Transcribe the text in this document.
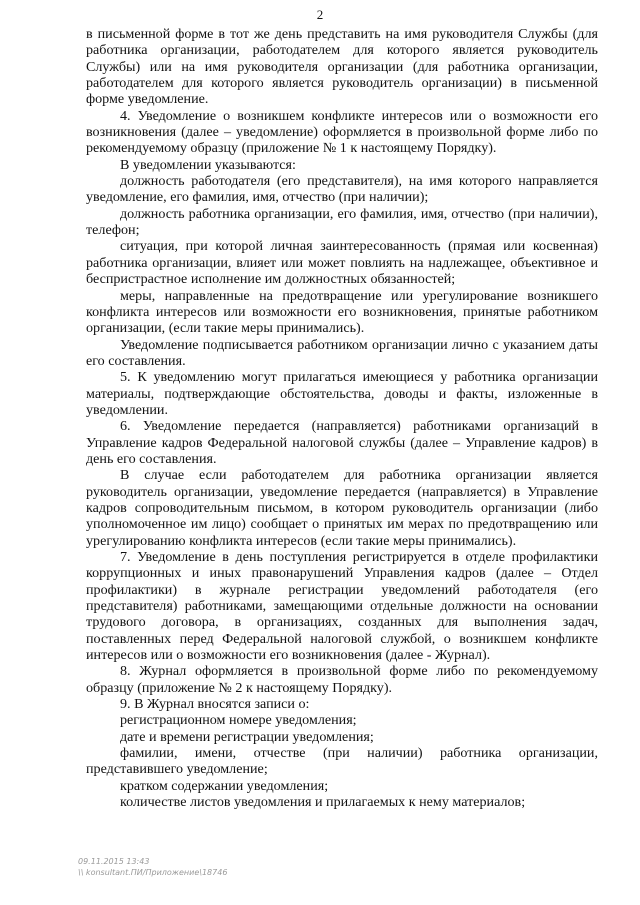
2

в письменной форме в тот же день представить на имя руководителя Службы (для работника организации, работодателем для которого является руководитель Службы) или на имя руководителя организации (для работника организации, работодателем для которого является руководитель организации) в письменной форме уведомление.

4. Уведомление о возникшем конфликте интересов или о возможности его возникновения (далее – уведомление) оформляется в произвольной форме либо по рекомендуемому образцу (приложение № 1 к настоящему Порядку).

В уведомлении указываются:

должность работодателя (его представителя), на имя которого направляется уведомление, его фамилия, имя, отчество (при наличии);

должность работника организации, его фамилия, имя, отчество (при наличии), телефон;

ситуация, при которой личная заинтересованность (прямая или косвенная) работника организации, влияет или может повлиять на надлежащее, объективное и беспристрастное исполнение им должностных обязанностей;

меры, направленные на предотвращение или урегулирование возникшего конфликта интересов или возможности его возникновения, принятые работником организации, (если такие меры принимались).

Уведомление подписывается работником организации лично с указанием даты его составления.

5. К уведомлению могут прилагаться имеющиеся у работника организации материалы, подтверждающие обстоятельства, доводы и факты, изложенные в уведомлении.

6. Уведомление передается (направляется) работниками организаций в Управление кадров Федеральной налоговой службы (далее – Управление кадров) в день его составления.

В случае если работодателем для работника организации является руководитель организации, уведомление передается (направляется) в Управление кадров сопроводительным письмом, в котором руководитель организации (либо уполномоченное им лицо) сообщает о принятых им мерах по предотвращению или урегулированию конфликта интересов (если такие меры принимались).

7. Уведомление в день поступления регистрируется в отделе профилактики коррупционных и иных правонарушений Управления кадров (далее – Отдел профилактики) в журнале регистрации уведомлений работодателя (его представителя) работниками, замещающими отдельные должности на основании трудового договора, в организациях, созданных для выполнения задач, поставленных перед Федеральной налоговой службой, о возникшем конфликте интересов или о возможности его возникновения (далее - Журнал).

8. Журнал оформляется в произвольной форме либо по рекомендуемому образцу (приложение № 2 к настоящему Порядку).

9. В Журнал вносятся записи о:

регистрационном номере уведомления;

дате и времени регистрации уведомления;

фамилии, имени, отчестве (при наличии) работника организации, представившего уведомление;

кратком содержании уведомления;

количестве листов уведомления и прилагаемых к нему материалов;

09.11.2015 13:43
\\ konsultant.ПИ/Приложение\18746
